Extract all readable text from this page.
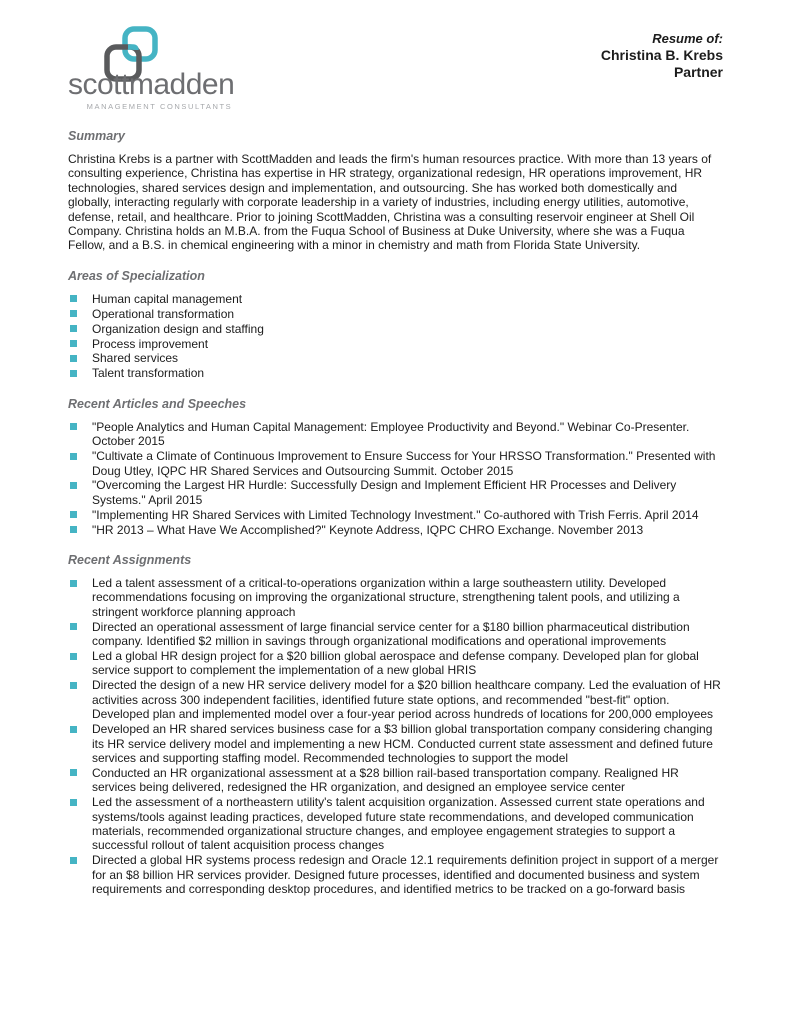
scottmadden
MANAGEMENT CONSULTANTS
Resume of:
Christina B. Krebs
Partner
Summary
Christina Krebs is a partner with ScottMadden and leads the firm's human resources practice. With more than 13 years of consulting experience, Christina has expertise in HR strategy, organizational redesign, HR operations improvement, HR technologies, shared services design and implementation, and outsourcing. She has worked both domestically and globally, interacting regularly with corporate leadership in a variety of industries, including energy utilities, automotive, defense, retail, and healthcare. Prior to joining ScottMadden, Christina was a consulting reservoir engineer at Shell Oil Company. Christina holds an M.B.A. from the Fuqua School of Business at Duke University, where she was a Fuqua Fellow, and a B.S. in chemical engineering with a minor in chemistry and math from Florida State University.
Areas of Specialization
Human capital management
Operational transformation
Organization design and staffing
Process improvement
Shared services
Talent transformation
Recent Articles and Speeches
"People Analytics and Human Capital Management: Employee Productivity and Beyond." Webinar Co-Presenter. October 2015
"Cultivate a Climate of Continuous Improvement to Ensure Success for Your HRSSO Transformation." Presented with Doug Utley, IQPC HR Shared Services and Outsourcing Summit. October 2015
"Overcoming the Largest HR Hurdle: Successfully Design and Implement Efficient HR Processes and Delivery Systems." April 2015
"Implementing HR Shared Services with Limited Technology Investment." Co-authored with Trish Ferris. April 2014
"HR 2013 – What Have We Accomplished?" Keynote Address, IQPC CHRO Exchange. November 2013
Recent Assignments
Led a talent assessment of a critical-to-operations organization within a large southeastern utility. Developed recommendations focusing on improving the organizational structure, strengthening talent pools, and utilizing a stringent workforce planning approach
Directed an operational assessment of large financial service center for a $180 billion pharmaceutical distribution company. Identified $2 million in savings through organizational modifications and operational improvements
Led a global HR design project for a $20 billion global aerospace and defense company. Developed plan for global service support to complement the implementation of a new global HRIS
Directed the design of a new HR service delivery model for a $20 billion healthcare company. Led the evaluation of HR activities across 300 independent facilities, identified future state options, and recommended "best-fit" option. Developed plan and implemented model over a four-year period across hundreds of locations for 200,000 employees
Developed an HR shared services business case for a $3 billion global transportation company considering changing its HR service delivery model and implementing a new HCM. Conducted current state assessment and defined future services and supporting staffing model. Recommended technologies to support the model
Conducted an HR organizational assessment at a $28 billion rail-based transportation company. Realigned HR services being delivered, redesigned the HR organization, and designed an employee service center
Led the assessment of a northeastern utility's talent acquisition organization. Assessed current state operations and systems/tools against leading practices, developed future state recommendations, and developed communication materials, recommended organizational structure changes, and employee engagement strategies to support a successful rollout of talent acquisition process changes
Directed a global HR systems process redesign and Oracle 12.1 requirements definition project in support of a merger for an $8 billion HR services provider. Designed future processes, identified and documented business and system requirements and corresponding desktop procedures, and identified metrics to be tracked on a go-forward basis
